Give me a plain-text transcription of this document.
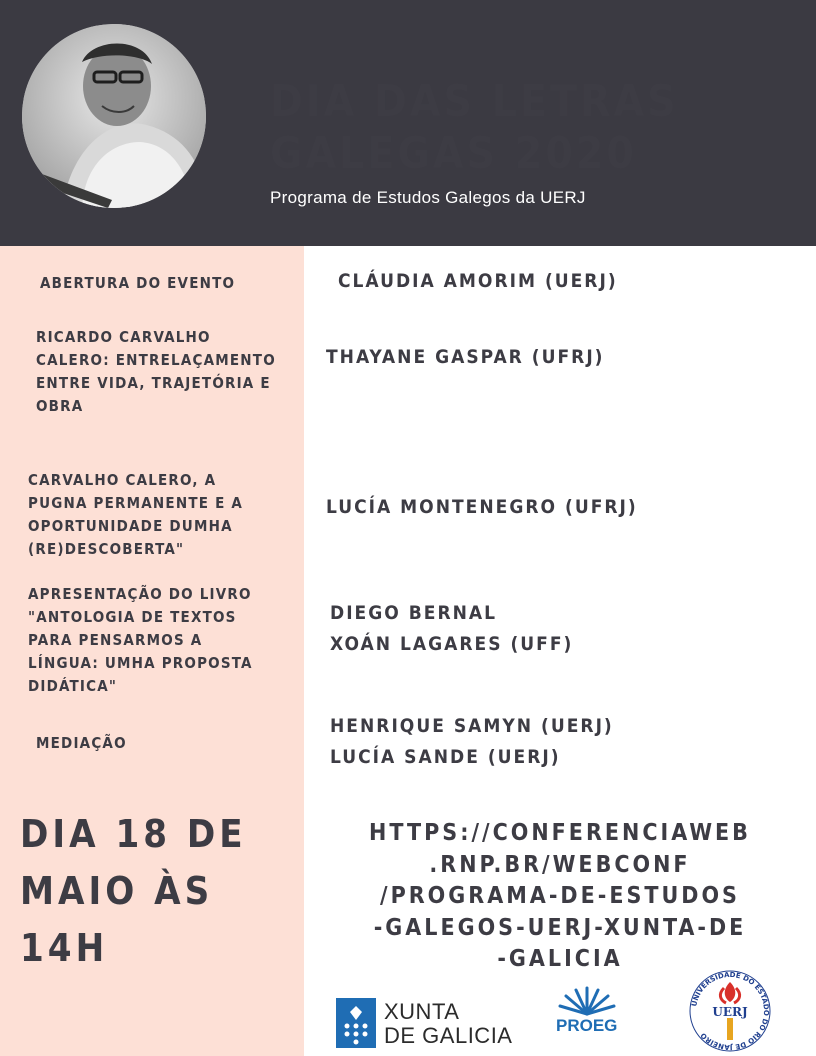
DIA DAS LETRAS
GALEGAS 2020
Programa de Estudos Galegos da UERJ
ABERTURA DO EVENTO	CLÁUDIA AMORIM (UERJ)
RICARDO CARVALHO
CALERO: ENTRELAÇAMENTO
ENTRE VIDA, TRAJETÓRIA E
OBRA
THAYANE GASPAR (UFRJ)
CARVALHO CALERO, A
PUGNA PERMANENTE E A
OPORTUNIDADE DUMHA
(RE)DESCOBERTA"
LUCÍA MONTENEGRO (UFRJ)
APRESENTAÇÃO DO LIVRO
"ANTOLOGIA DE TEXTOS
PARA PENSARMOS A
LÍNGUA: UMHA PROPOSTA
DIDÁTICA"
DIEGO BERNAL
XOÁN LAGARES (UFF)
MEDIAÇÃO
HENRIQUE SAMYN (UERJ)
LUCÍA SANDE (UERJ)
DIA 18 DE
MAIO ÀS
14H
HTTPS://CONFERENCIAWEB
.RNP.BR/WEBCONF
/PROGRAMA-DE-ESTUDOS
-GALEGOS-UERJ-XUNTA-DE
-GALICIA
XUNTA
DE GALICIA	PROEG
UNIVERSIDADE DO ESTADO DO RIO DE JANEIRO
UERJ
